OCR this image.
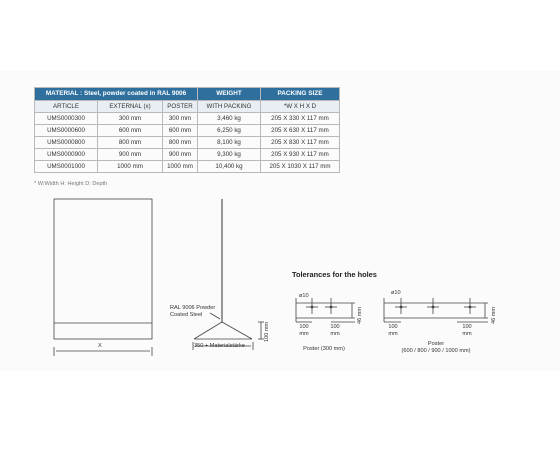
MATERIAL : Steel, powder coated in RAL 9006			WEIGHT	PACKING SIZE
ARTICLE	EXTERNAL (x)	POSTER	WITH PACKING	*W X H X D
UMS0000300	300 mm	300 mm	3,460 kg	205 X 330 X 117 mm
UMS0000600	600 mm	600 mm	6,250 kg	205 X 630 X 117 mm
UMS0000800	800 mm	800 mm	8,100 kg	205 X 830 X 117 mm
UMS0000900	900 mm	900 mm	9,300 kg	205 X 930 X 117 mm
UMS0001000	1000 mm	1000 mm	10,400 kg	205 X 1030 X 117 mm
* W:Width H: Height D: Depth
X
RAL 9006 Powder
Coated Steel
350 + Materialstärke
100 mm
Tolerances for the holes
ø10
100
mm
100
mm
46 mm
Poster (300 mm)
ø10
100
mm
100
mm
46 mm
Poster
(600 / 800 / 900 / 1000 mm)
